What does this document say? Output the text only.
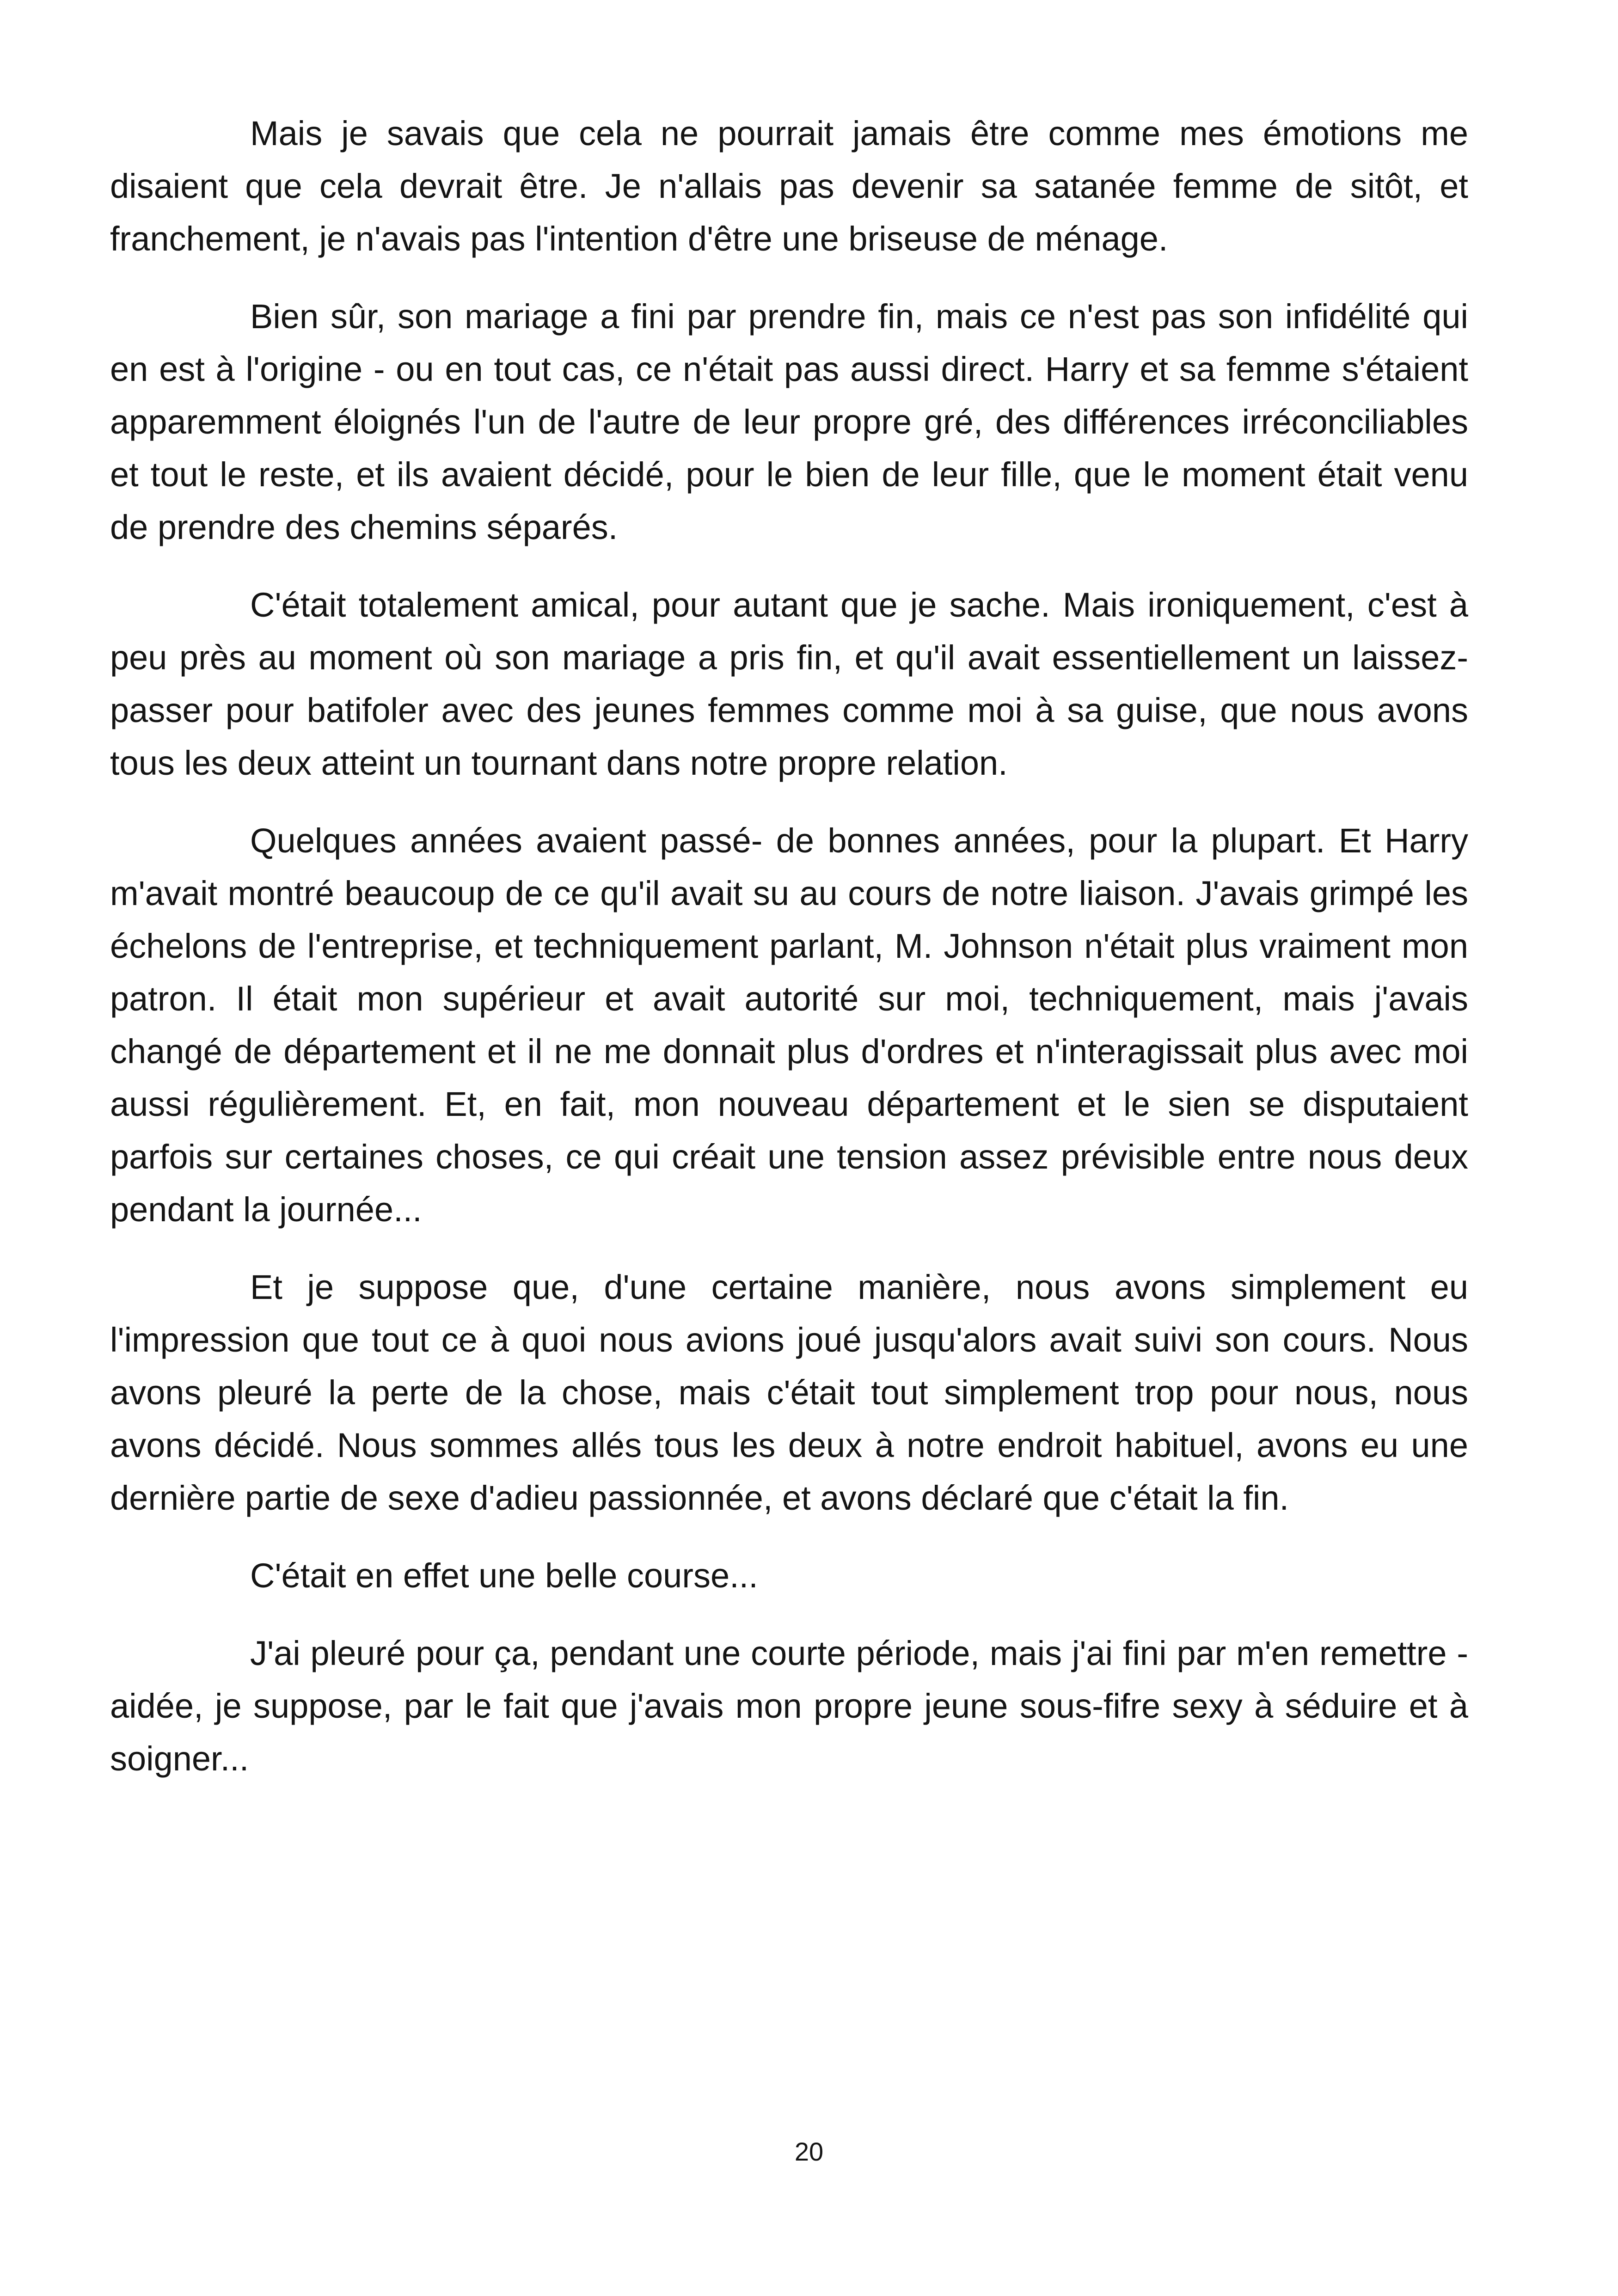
Mais je savais que cela ne pourrait jamais être comme mes émotions me disaient que cela devrait être. Je n'allais pas devenir sa satanée femme de sitôt, et franchement, je n'avais pas l'intention d'être une briseuse de ménage.

Bien sûr, son mariage a fini par prendre fin, mais ce n'est pas son infidélité qui en est à l'origine - ou en tout cas, ce n'était pas aussi direct. Harry et sa femme s'étaient apparemment éloignés l'un de l'autre de leur propre gré, des différences irréconciliables et tout le reste, et ils avaient décidé, pour le bien de leur fille, que le moment était venu de prendre des chemins séparés.

C'était totalement amical, pour autant que je sache. Mais ironiquement, c'est à peu près au moment où son mariage a pris fin, et qu'il avait essentiellement un laissez-passer pour batifoler avec des jeunes femmes comme moi à sa guise, que nous avons tous les deux atteint un tournant dans notre propre relation.

Quelques années avaient passé- de bonnes années, pour la plupart. Et Harry m'avait montré beaucoup de ce qu'il avait su au cours de notre liaison. J'avais grimpé les échelons de l'entreprise, et techniquement parlant, M. Johnson n'était plus vraiment mon patron. Il était mon supérieur et avait autorité sur moi, techniquement, mais j'avais changé de département et il ne me donnait plus d'ordres et n'interagissait plus avec moi aussi régulièrement. Et, en fait, mon nouveau département et le sien se disputaient parfois sur certaines choses, ce qui créait une tension assez prévisible entre nous deux pendant la journée...

Et je suppose que, d'une certaine manière, nous avons simplement eu l'impression que tout ce à quoi nous avions joué jusqu'alors avait suivi son cours. Nous avons pleuré la perte de la chose, mais c'était tout simplement trop pour nous, nous avons décidé. Nous sommes allés tous les deux à notre endroit habituel, avons eu une dernière partie de sexe d'adieu passionnée, et avons déclaré que c'était la fin.

C'était en effet une belle course...

J'ai pleuré pour ça, pendant une courte période, mais j'ai fini par m'en remettre - aidée, je suppose, par le fait que j'avais mon propre jeune sous-fifre sexy à séduire et à soigner...

20
